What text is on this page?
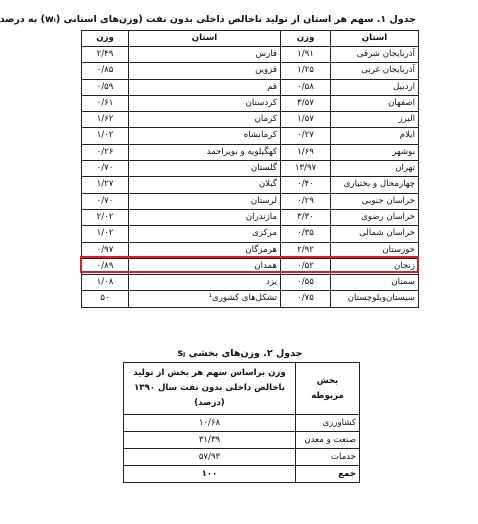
جدول ۱. سهم هر استان از تولید ناخالص داخلی بدون نفت (وزن‌های استانی (wᵢ) به درصد
استان	وزن	استان	وزن
آذربایجان شرقی	۱/۹۱	فارس	۲/۴۹
آذربایجان غربی	۱/۲۵	قزوین	۰/۸۵
اردبیل	۰/۵۸	قم	۰/۵۹
اصفهان	۳/۵۷	کردستان	۰/۶۱
البرز	۱/۵۷	کرمان	۱/۶۲
ایلام	۰/۲۷	کرمانشاه	۱/۰۲
بوشهر	۱/۶۹	کهگیلویه و بویراحمد	۰/۲۶
تهران	۱۳/۹۷	گلستان	۰/۷۰
چهارمحال و بختیاری	۰/۴۰	گیلان	۱/۲۷
خراسان جنوبی	۰/۲۹	لرستان	۰/۷۰
خراسان رضوی	۳/۳۰	مازندران	۲/۰۲
خراسان شمالی	۰/۳۵	مرکزی	۱/۰۲
خوزستان	۲/۹۲	هرمزگان	۰/۹۷
زنجان	۰/۵۲	همدان	۰/۸۹
سمنان	۰/۵۵	یزد	۱/۰۸
سیستان‌وبلوچستان	۰/۷۵	تشکل‌های کشوری¹	۵۰
جدول ۲. وزن‌های بخشی sⱼ
بخش مربوطه	وزن براساس سهم هر بخش از تولید ناخالص داخلی بدون نفت سال ۱۳۹۰ (درصد)
کشاورزی	۱۰/۶۸
صنعت و معدن	۳۱/۳۹
خدمات	۵۷/۹۳
جمع	۱۰۰
